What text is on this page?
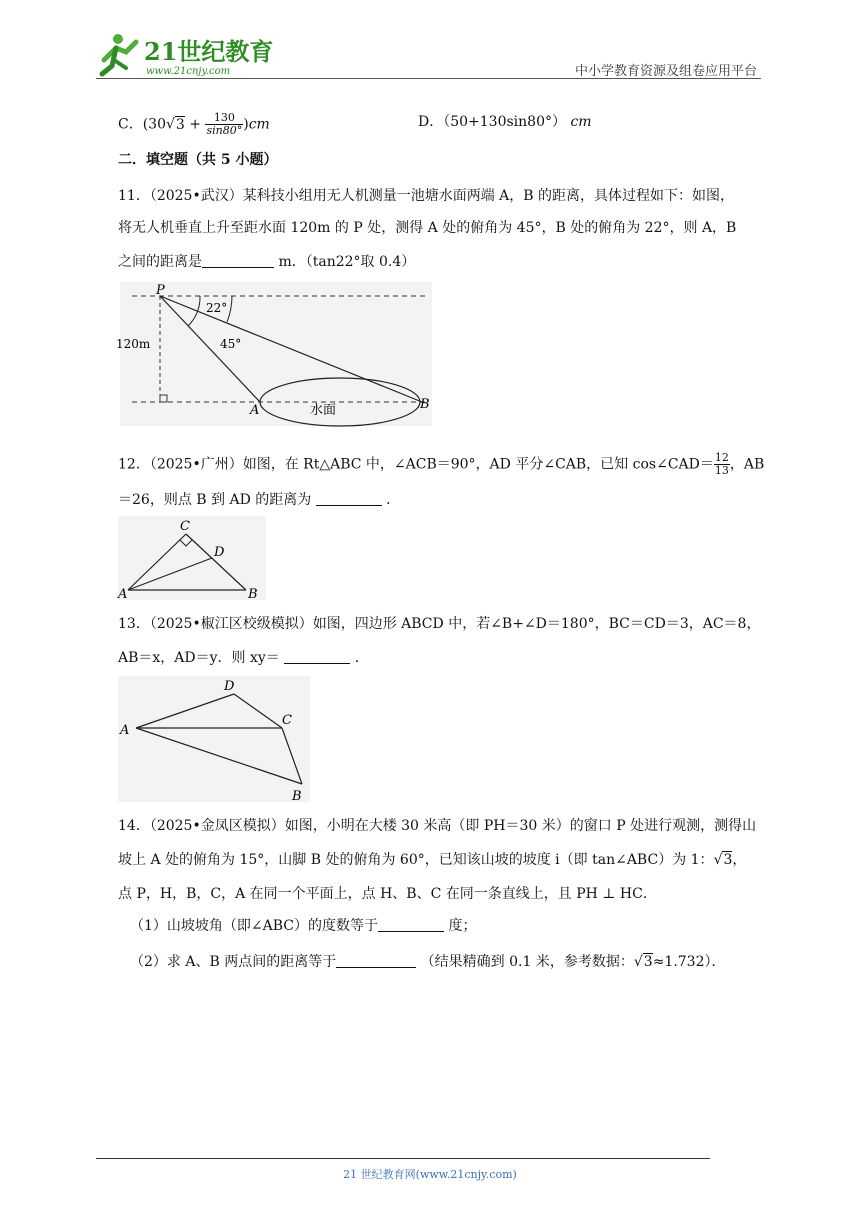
21世纪教育
www.21cnjy.com	中小学教育资源及组卷应用平台
C．$(30√3 + \frac{130}{\sin 80^\circ} )cm$	D．（50+130sin80°） cm
二．填空题（共 5 小题）
11．（2025•武汉）某科技小组用无人机测量一池塘水面两端 A，B 的距离，具体过程如下：如图，
将无人机垂直上升至距水面 120m 的 P 处，测得 A 处的俯角为 45°，B 处的俯角为 22°，则 A，B
之间的距离是	m．（tan22°取 0.4）
P
A	B
120m
22°
45°
水面
12．（2025•广州）如图，在 Rt△ABC 中，∠ACB＝90°，AD 平分∠CAB，已知 cos∠CAD＝ $\frac{12}{13}$ ，AB
＝26，则点 B 到 AD 的距离为	．
C
D
A	B
13．（2025•椒江区校级模拟）如图，四边形 ABCD 中，若∠B+∠D＝180°，BC＝CD＝3，AC＝8，
AB＝x，AD＝y．则 xy＝	．
D
C
A
B
14．（2025•金凤区模拟）如图，小明在大楼 30 米高（即 PH＝30 米）的窗口 P 处进行观测，测得山
坡上 A 处的俯角为 15°，山脚 B 处的俯角为 60°，已知该山坡的坡度 i（即 tan∠ABC）为 1：√3，
点 P，H，B，C，A 在同一个平面上，点 H、B、C 在同一条直线上，且 PH ⊥ HC．
（1）山坡坡角（即∠ABC）的度数等于	度；
（2）求 A、B 两点间的距离等于	（结果精确到 0.1 米，参考数据：√3≈1.732）．
21 世纪教育网(www.21cnjy.com)
